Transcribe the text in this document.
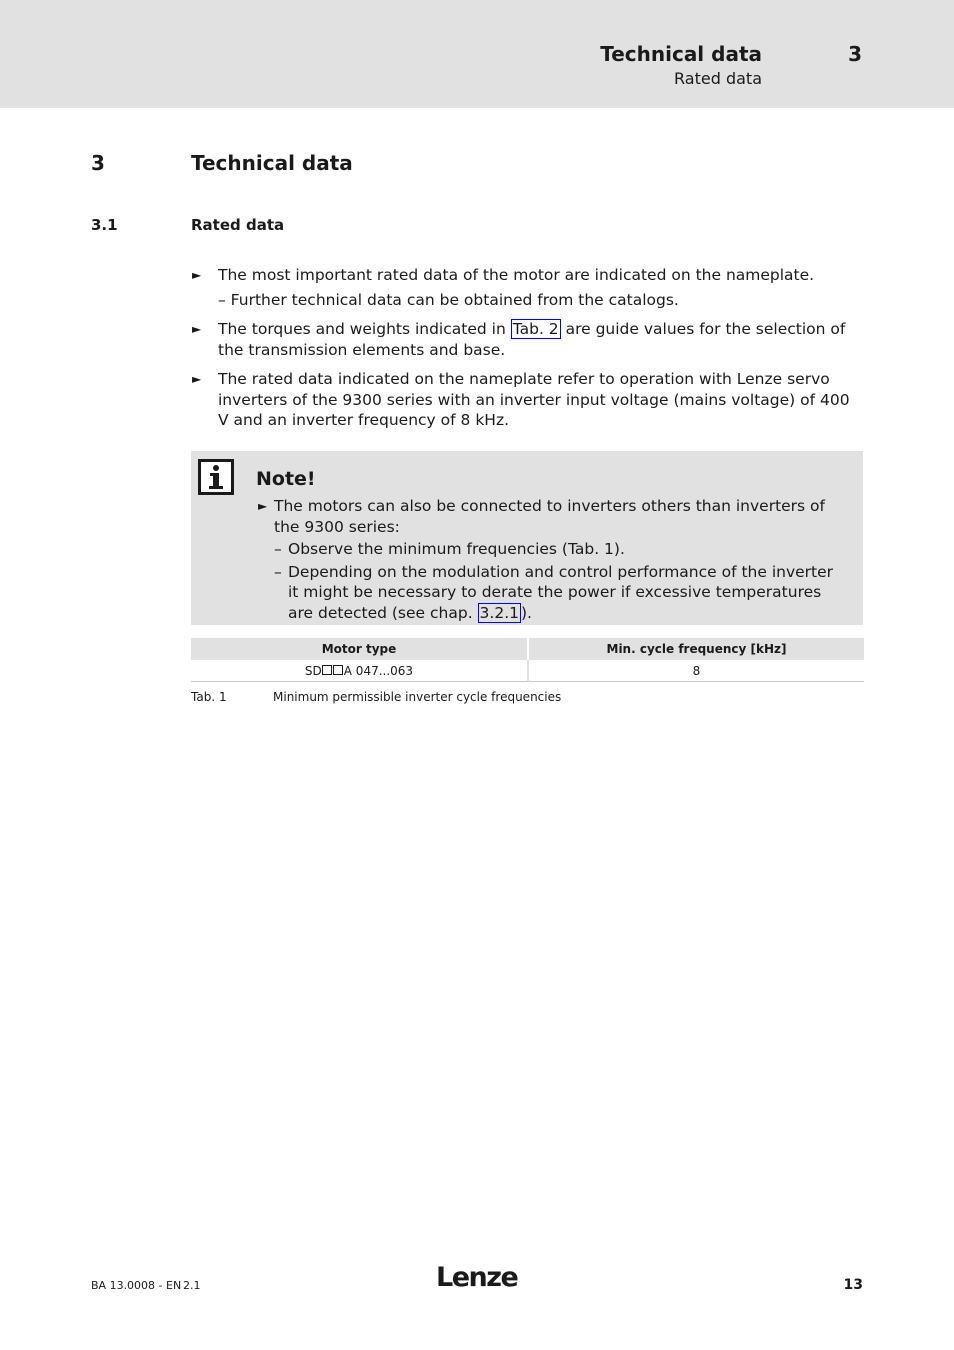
Technical data
Rated data
3
3	Technical data
3.1	Rated data
► The most important rated data of the motor are indicated on the nameplate.
– Further technical data can be obtained from the catalogs.
► The torques and weights indicated in Tab. 2 are guide values for the selection of the transmission elements and base.
► The rated data indicated on the nameplate refer to operation with Lenze servo inverters of the 9300 series with an inverter input voltage (mains voltage) of 400 V and an inverter frequency of 8 kHz.
Note!
► The motors can also be connected to inverters others than inverters of the 9300 series:
– Observe the minimum frequencies (Tab. 1).
– Depending on the modulation and control performance of the inverter it might be necessary to derate the power if excessive temperatures are detected (see chap. 3.2.1 ).
Motor type	Min. cycle frequency [kHz]
SD A 047...063	8
Tab. 1	Minimum permissible inverter cycle frequencies
BA 13.0008 - EN 2.1	Lenze	13
